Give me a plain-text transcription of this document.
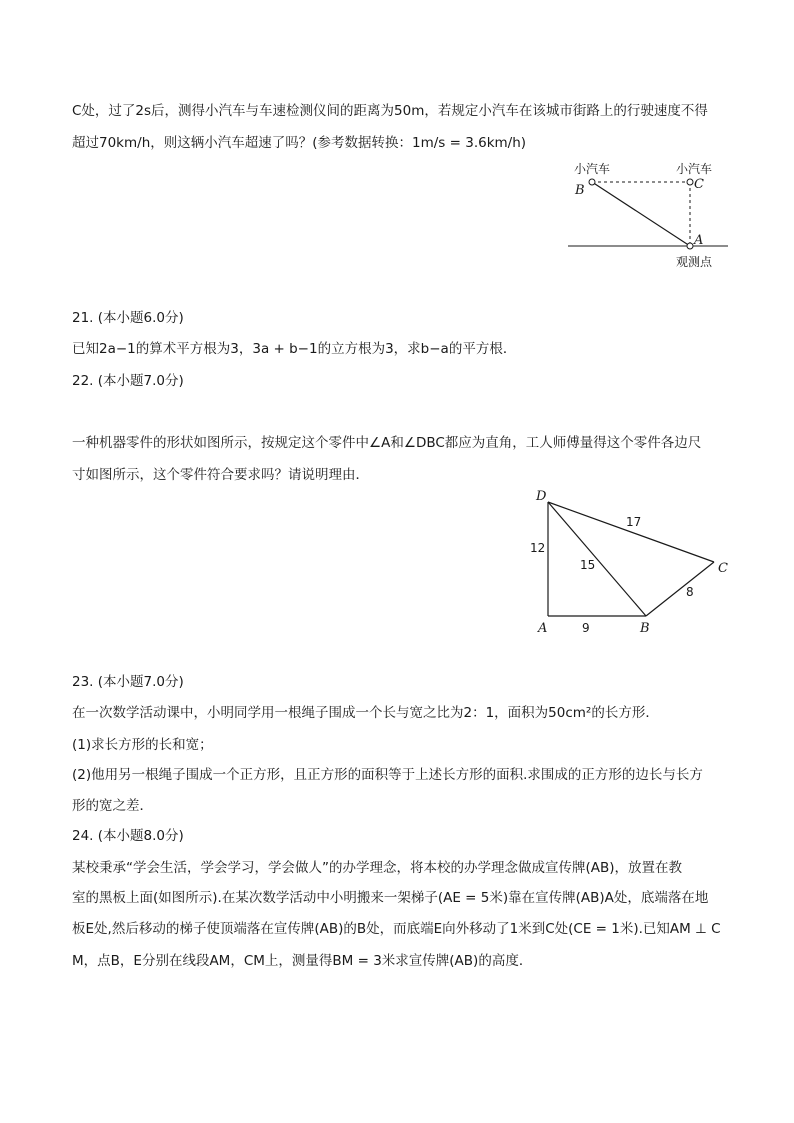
C处，过了2s后，测得小汽车与车速检测仪间的距离为50m，若规定小汽车在该城市街路上的行驶速度不得
超过70km/h，则这辆小汽车超速了吗？(参考数据转换：1m/s = 3.6km/h)
小汽车	小汽车
B	C
A
观测点
21. (本小题6.0分)
已知2a−1的算术平方根为3，3a + b−1的立方根为3，求b−a的平方根．
22. (本小题7.0分)
一种机器零件的形状如图所示，按规定这个零件中∠A和∠DBC都应为直角，工人师傅量得这个零件各边尺
寸如图所示，这个零件符合要求吗？请说明理由．
D
A	B
C
12
9
15
17
8
23. (本小题7.0分)
在一次数学活动课中，小明同学用一根绳子围成一个长与宽之比为2：1，面积为50cm²的长方形．
(1)求长方形的长和宽；
(2)他用另一根绳子围成一个正方形，且正方形的面积等于上述长方形的面积.求围成的正方形的边长与长方
形的宽之差．
24. (本小题8.0分)
某校秉承“学会生活，学会学习，学会做人”的办学理念，将本校的办学理念做成宣传牌(AB)，放置在教
室的黑板上面(如图所示).在某次数学活动中小明搬来一架梯子(AE = 5米)靠在宣传牌(AB)A处，底端落在地
板E处,然后移动的梯子使顶端落在宣传牌(AB)的B处，而底端E向外移动了1米到C处(CE = 1米).已知AM ⊥ C
M，点B，E分别在线段AM，CM上，测量得BM = 3米求宣传牌(AB)的高度．
